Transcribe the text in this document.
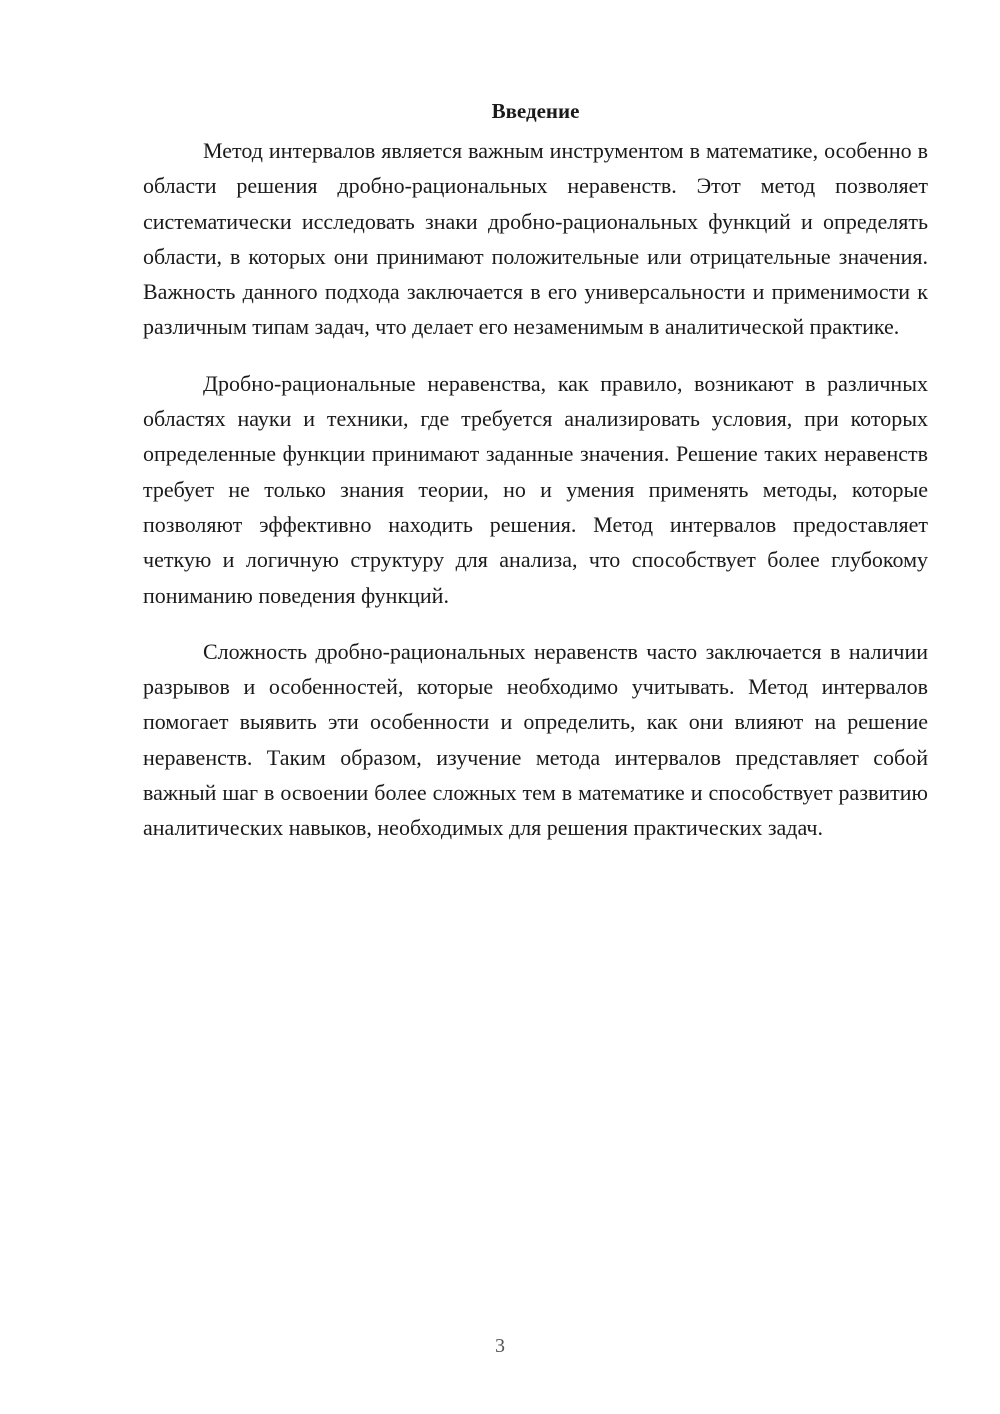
Введение

Метод интервалов является важным инструментом в математике, особенно в области решения дробно-рациональных неравенств. Этот метод позволяет систематически исследовать знаки дробно-рациональных функций и определять области, в которых они принимают положительные или отрицательные значения. Важность данного подхода заключается в его универсальности и применимости к различным типам задач, что делает его незаменимым в аналитической практике.

Дробно-рациональные неравенства, как правило, возникают в различных областях науки и техники, где требуется анализировать условия, при которых определенные функции принимают заданные значения. Решение таких неравенств требует не только знания теории, но и умения применять методы, которые позволяют эффективно находить решения. Метод интервалов предоставляет четкую и логичную структуру для анализа, что способствует более глубокому пониманию поведения функций.

Сложность дробно-рациональных неравенств часто заключается в наличии разрывов и особенностей, которые необходимо учитывать. Метод интервалов помогает выявить эти особенности и определить, как они влияют на решение неравенств. Таким образом, изучение метода интервалов представляет собой важный шаг в освоении более сложных тем в математике и способствует развитию аналитических навыков, необходимых для решения практических задач.

3
